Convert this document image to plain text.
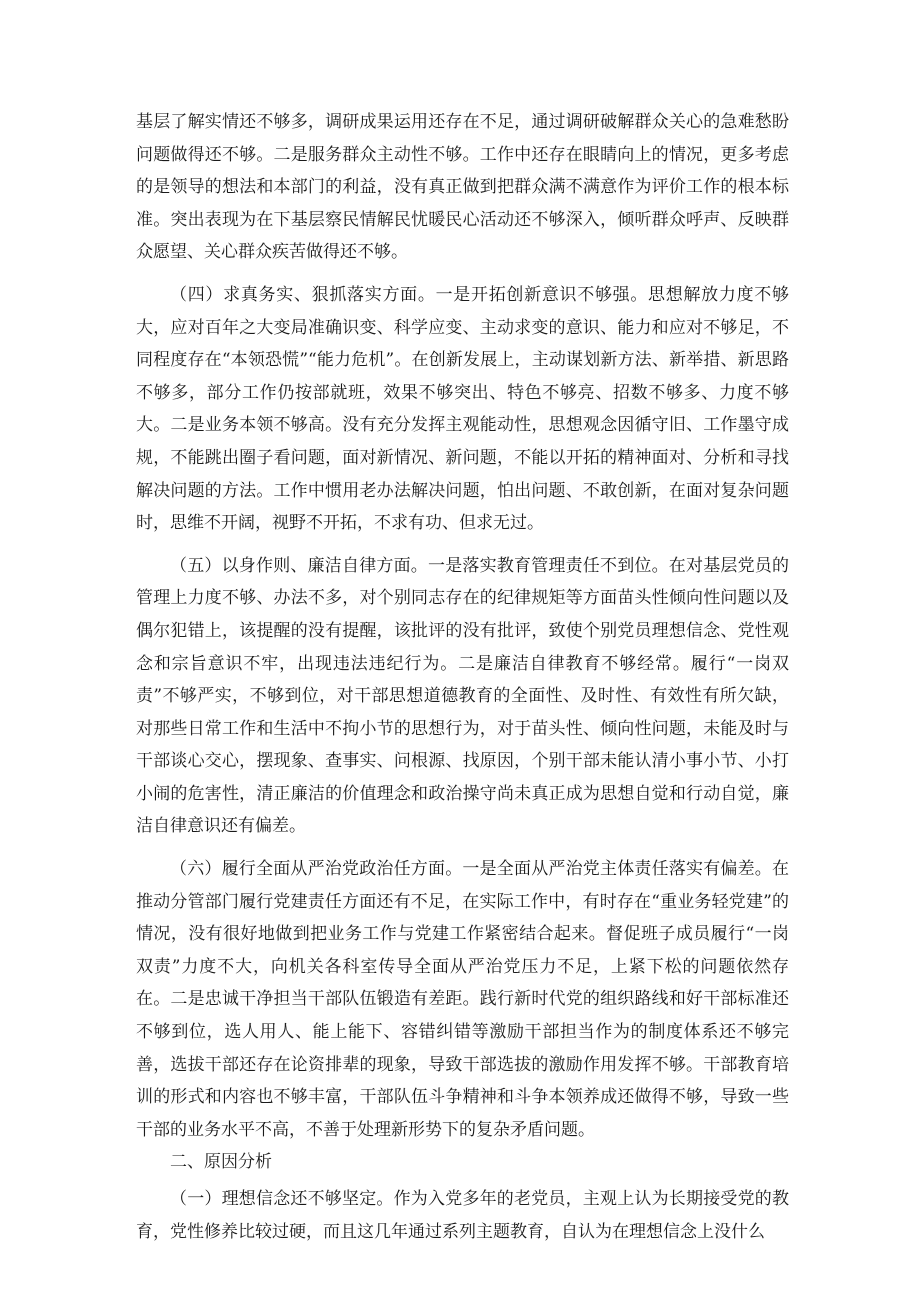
基层了解实情还不够多，调研成果运用还存在不足，通过调研破解群众关心的急难愁盼问题做得还不够。二是服务群众主动性不够。工作中还存在眼睛向上的情况，更多考虑的是领导的想法和本部门的利益，没有真正做到把群众满不满意作为评价工作的根本标准。突出表现为在下基层察民情解民忧暖民心活动还不够深入，倾听群众呼声、反映群众愿望、关心群众疾苦做得还不够。

（四）求真务实、狠抓落实方面。一是开拓创新意识不够强。思想解放力度不够大，应对百年之大变局准确识变、科学应变、主动求变的意识、能力和应对不够足，不同程度存在“本领恐慌”“能力危机”。在创新发展上，主动谋划新方法、新举措、新思路不够多，部分工作仍按部就班，效果不够突出、特色不够亮、招数不够多、力度不够大。二是业务本领不够高。没有充分发挥主观能动性，思想观念因循守旧、工作墨守成规，不能跳出圈子看问题，面对新情况、新问题，不能以开拓的精神面对、分析和寻找解决问题的方法。工作中惯用老办法解决问题，怕出问题、不敢创新，在面对复杂问题时，思维不开阔，视野不开拓，不求有功、但求无过。

（五）以身作则、廉洁自律方面。一是落实教育管理责任不到位。在对基层党员的管理上力度不够、办法不多，对个别同志存在的纪律规矩等方面苗头性倾向性问题以及偶尔犯错上，该提醒的没有提醒，该批评的没有批评，致使个别党员理想信念、党性观念和宗旨意识不牢，出现违法违纪行为。二是廉洁自律教育不够经常。履行“一岗双责”不够严实，不够到位，对干部思想道德教育的全面性、及时性、有效性有所欠缺，对那些日常工作和生活中不拘小节的思想行为，对于苗头性、倾向性问题，未能及时与干部谈心交心，摆现象、查事实、问根源、找原因，个别干部未能认清小事小节、小打小闹的危害性，清正廉洁的价值理念和政治操守尚未真正成为思想自觉和行动自觉，廉洁自律意识还有偏差。

（六）履行全面从严治党政治任方面。一是全面从严治党主体责任落实有偏差。在推动分管部门履行党建责任方面还有不足，在实际工作中，有时存在“重业务轻党建”的情况，没有很好地做到把业务工作与党建工作紧密结合起来。督促班子成员履行“一岗双责”力度不大，向机关各科室传导全面从严治党压力不足，上紧下松的问题依然存在。二是忠诚干净担当干部队伍锻造有差距。践行新时代党的组织路线和好干部标准还不够到位，选人用人、能上能下、容错纠错等激励干部担当作为的制度体系还不够完善，选拔干部还存在论资排辈的现象，导致干部选拔的激励作用发挥不够。干部教育培训的形式和内容也不够丰富，干部队伍斗争精神和斗争本领养成还做得不够，导致一些干部的业务水平不高，不善于处理新形势下的复杂矛盾问题。

二、原因分析

（一）理想信念还不够坚定。作为入党多年的老党员，主观上认为长期接受党的教育，党性修养比较过硬，而且这几年通过系列主题教育，自认为在理想信念上没什么
